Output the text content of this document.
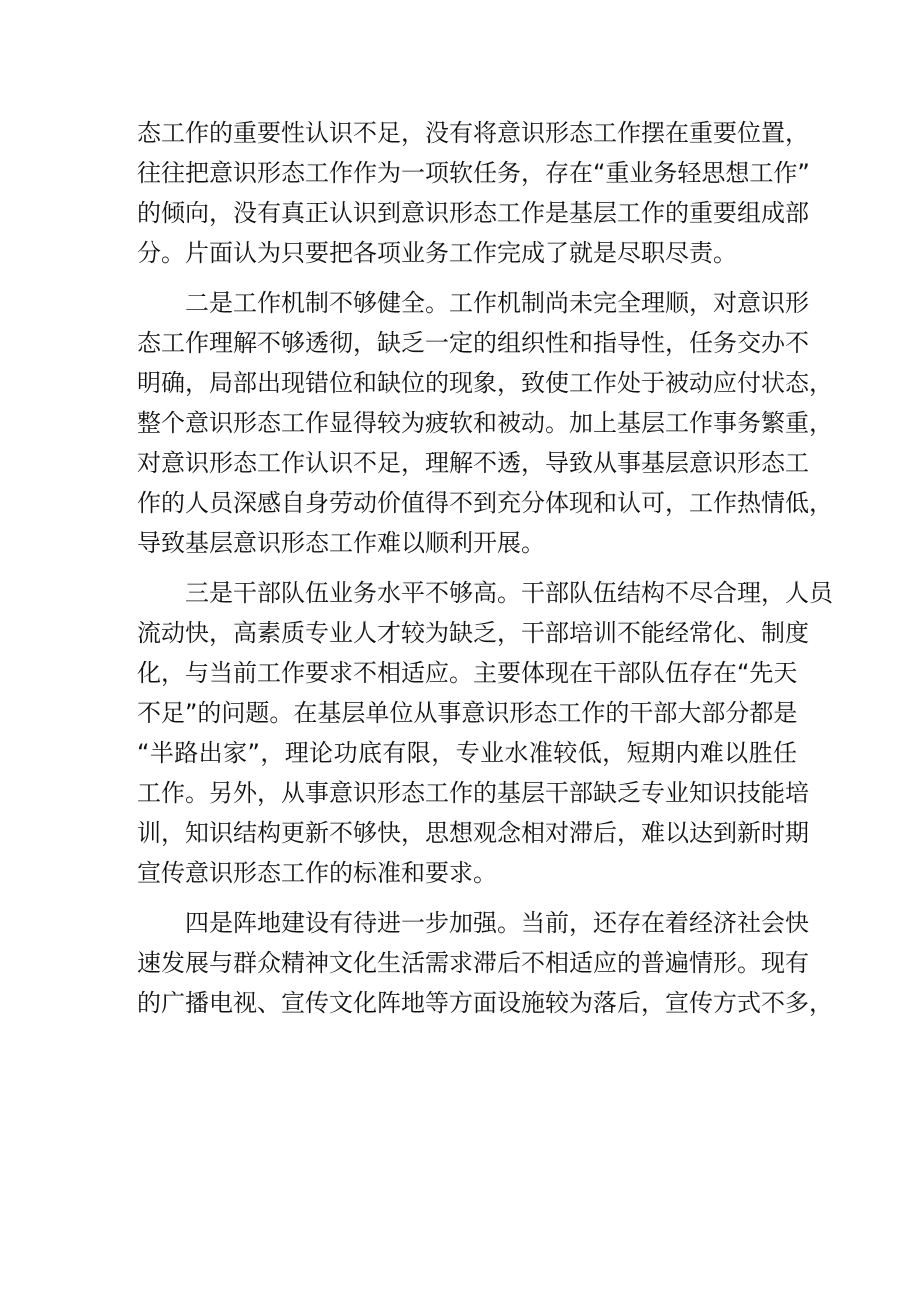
态工作的重要性认识不足，没有将意识形态工作摆在重要位置，
往往把意识形态工作作为一项软任务，存在“重业务轻思想工作”
的倾向，没有真正认识到意识形态工作是基层工作的重要组成部
分。片面认为只要把各项业务工作完成了就是尽职尽责。
二是工作机制不够健全。工作机制尚未完全理顺，对意识形
态工作理解不够透彻，缺乏一定的组织性和指导性，任务交办不
明确，局部出现错位和缺位的现象，致使工作处于被动应付状态，
整个意识形态工作显得较为疲软和被动。加上基层工作事务繁重，
对意识形态工作认识不足，理解不透，导致从事基层意识形态工
作的人员深感自身劳动价值得不到充分体现和认可，工作热情低，
导致基层意识形态工作难以顺利开展。
三是干部队伍业务水平不够高。干部队伍结构不尽合理，人员
流动快，高素质专业人才较为缺乏，干部培训不能经常化、制度
化，与当前工作要求不相适应。主要体现在干部队伍存在“先天
不足”的问题。在基层单位从事意识形态工作的干部大部分都是
“半路出家”，理论功底有限，专业水准较低，短期内难以胜任
工作。另外，从事意识形态工作的基层干部缺乏专业知识技能培
训，知识结构更新不够快，思想观念相对滞后，难以达到新时期
宣传意识形态工作的标准和要求。
四是阵地建设有待进一步加强。当前，还存在着经济社会快
速发展与群众精神文化生活需求滞后不相适应的普遍情形。现有
的广播电视、宣传文化阵地等方面设施较为落后，宣传方式不多，
